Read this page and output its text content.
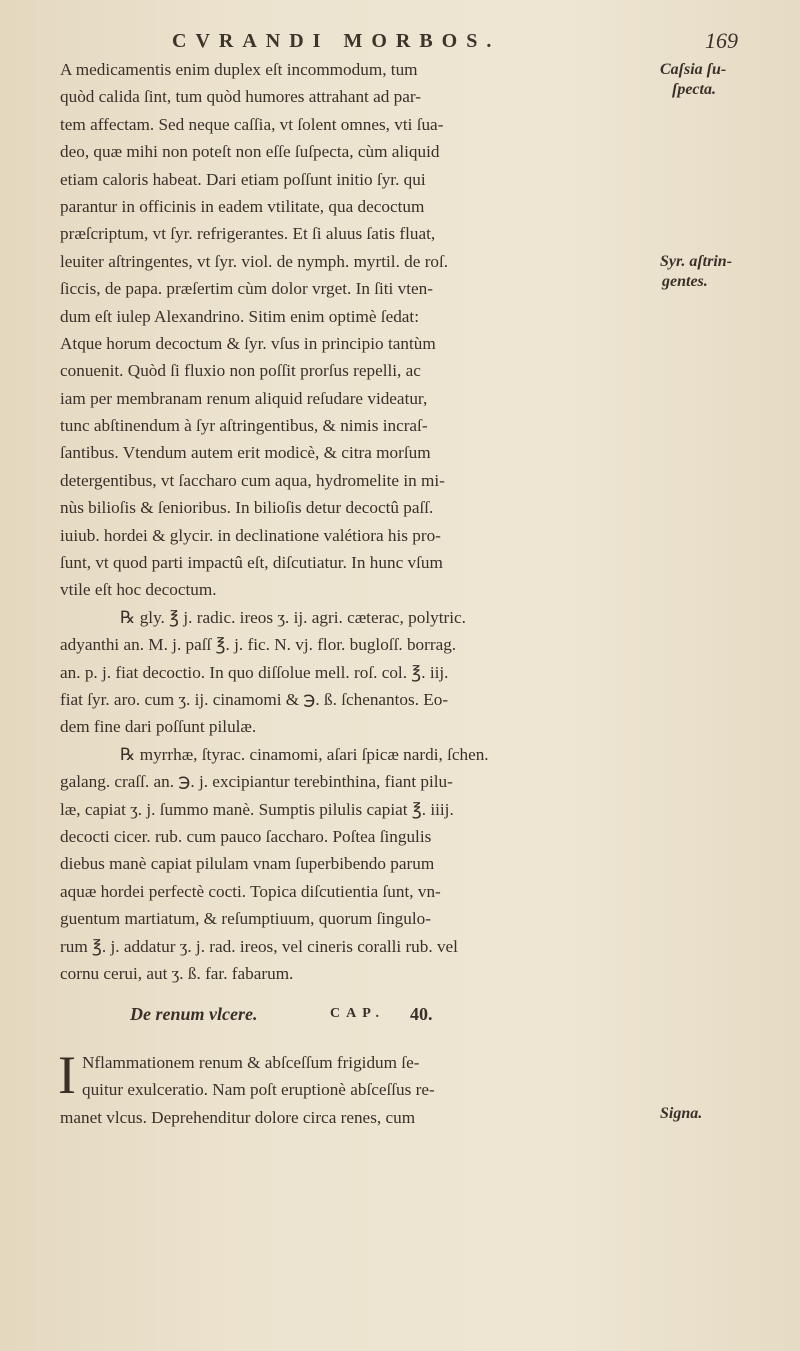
CVRANDI MORBOS.	169
A medicamentis enim duplex eſt incommodum, tum
quòd calida ſint, tum quòd humores attrahant ad par-
tem affectam. Sed neque caſſia, vt ſolent omnes, vti ſua-
deo, quæ mihi non poteſt non eſſe ſuſpecta, cùm aliquid
etiam caloris habeat. Dari etiam poſſunt initio ſyr. qui
parantur in officinis in eadem vtilitate, qua decoctum
præſcriptum, vt ſyr. refrigerantes. Et ſi aluus ſatis fluat,
leuiter aſtringentes, vt ſyr. viol. de nymph. myrtil. de roſ.
ſiccis, de papa. præſertim cùm dolor vrget. In ſiti vten-
dum eſt iulep Alexandrino. Sitim enim optimè ſedat:
Atque horum decoctum & ſyr. vſus in principio tantùm
conuenit. Quòd ſi fluxio non poſſit prorſus repelli, ac
iam per membranam renum aliquid reſudare videatur,
tunc abſtinendum à ſyr aſtringentibus, & nimis incraſ-
ſantibus. Vtendum autem erit modicè, & citra morſum
detergentibus, vt ſaccharo cum aqua, hydromelite in mi-
nùs bilioſis & ſenioribus. In bilioſis detur decoctû paſſ.
iuiub. hordei & glycir. in declinatione valétiora his pro-
ſunt, vt quod parti impactû eſt, diſcutiatur. In hunc vſum
vtile eſt hoc decoctum.
℞ gly. ℥ j. radic. ireos ʒ. ij. agri. cæterac, polytric.
adyanthi an. M. j. paſſ ℥. j. fic. N. vj. flor. bugloſſ. borrag.
an. p. j. fiat decoctio. In quo diſſolue mell. roſ. col. ℥. iij.
fiat ſyr. aro. cum ʒ. ij. cinamomi & ℈. ß. ſchenantos. Eo-
dem fine dari poſſunt pilulæ.
℞ myrrhæ, ſtyrac. cinamomi, aſari ſpicæ nardi, ſchen.
galang. craſſ. an. ℈. j. excipiantur terebinthina, fiant pilu-
læ, capiat ʒ. j. ſummo manè. Sumptis pilulis capiat ℥. iiij.
decocti cicer. rub. cum pauco ſaccharo. Poſtea ſingulis
diebus manè capiat pilulam vnam ſuperbibendo parum
aquæ hordei perfectè cocti. Topica diſcutientia ſunt, vn-
guentum martiatum, & reſumptiuum, quorum ſingulo-
rum ℥. j. addatur ʒ. j. rad. ireos, vel cineris coralli rub. vel
cornu cerui, aut ʒ. ß. far. fabarum.
Caſsia ſu-
ſpecta.
Syr. aſtrin-
gentes.
De renum vlcere.	CAP. 40.
I Nflammationem renum & abſceſſum frigidum ſe-
quitur exulceratio. Nam poſt eruptionè abſceſſus re-
manet vlcus. Deprehenditur dolore circa renes, cum	Signa.
